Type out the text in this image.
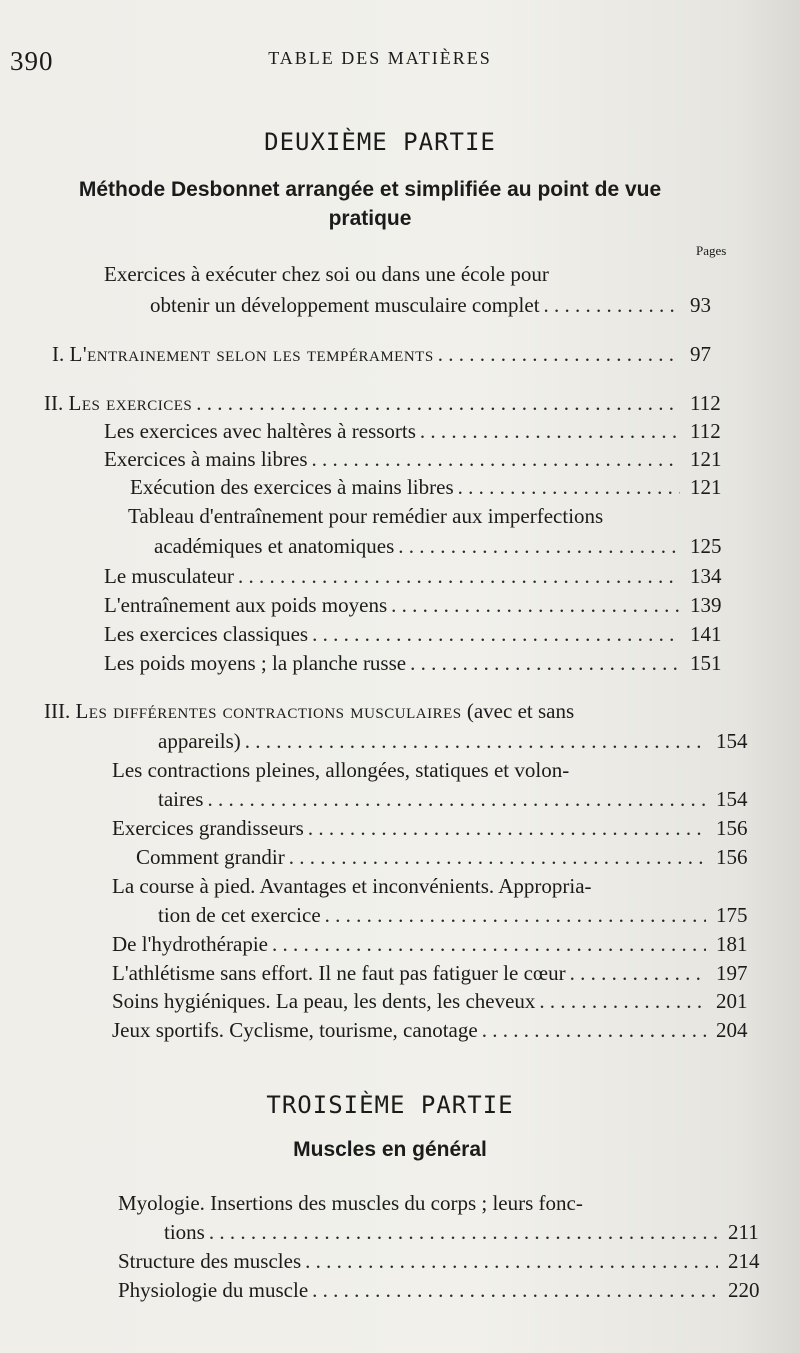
390	TABLE DES MATIÈRES
DEUXIÈME PARTIE
Méthode Desbonnet arrangée et simplifiée au point de vue
pratique
Pages
Exercices à exécuter chez soi ou dans une école pour
obtenir un développement musculaire complet . . .	93
I. L'entrainement selon les tempéraments . . .	97
II. Les exercices . . .	112
Les exercices avec haltères à ressorts . . .	112
Exercices à mains libres . . .	121
Exécution des exercices à mains libres . . .	121
Tableau d'entraînement pour remédier aux imperfections
académiques et anatomiques . . .	125
Le musculateur . . .	134
L'entraînement aux poids moyens . . .	139
Les exercices classiques . . .	141
Les poids moyens ; la planche russe . . .	151
III. Les différentes contractions musculaires (avec et sans
appareils) . . .	154
Les contractions pleines, allongées, statiques et volon-
taires . . .	154
Exercices grandisseurs . . .	156
Comment grandir . . .	156
La course à pied. Avantages et inconvénients. Appropria-
tion de cet exercice . . .	175
De l'hydrothérapie . . .	181
L'athlétisme sans effort. Il ne faut pas fatiguer le cœur . . .	197
Soins hygiéniques. La peau, les dents, les cheveux . . .	201
Jeux sportifs. Cyclisme, tourisme, canotage . . .	204
TROISIÈME PARTIE
Muscles en général
Myologie. Insertions des muscles du corps ; leurs fonc-
tions . . .	211
Structure des muscles . . .	214
Physiologie du muscle . . .	220
